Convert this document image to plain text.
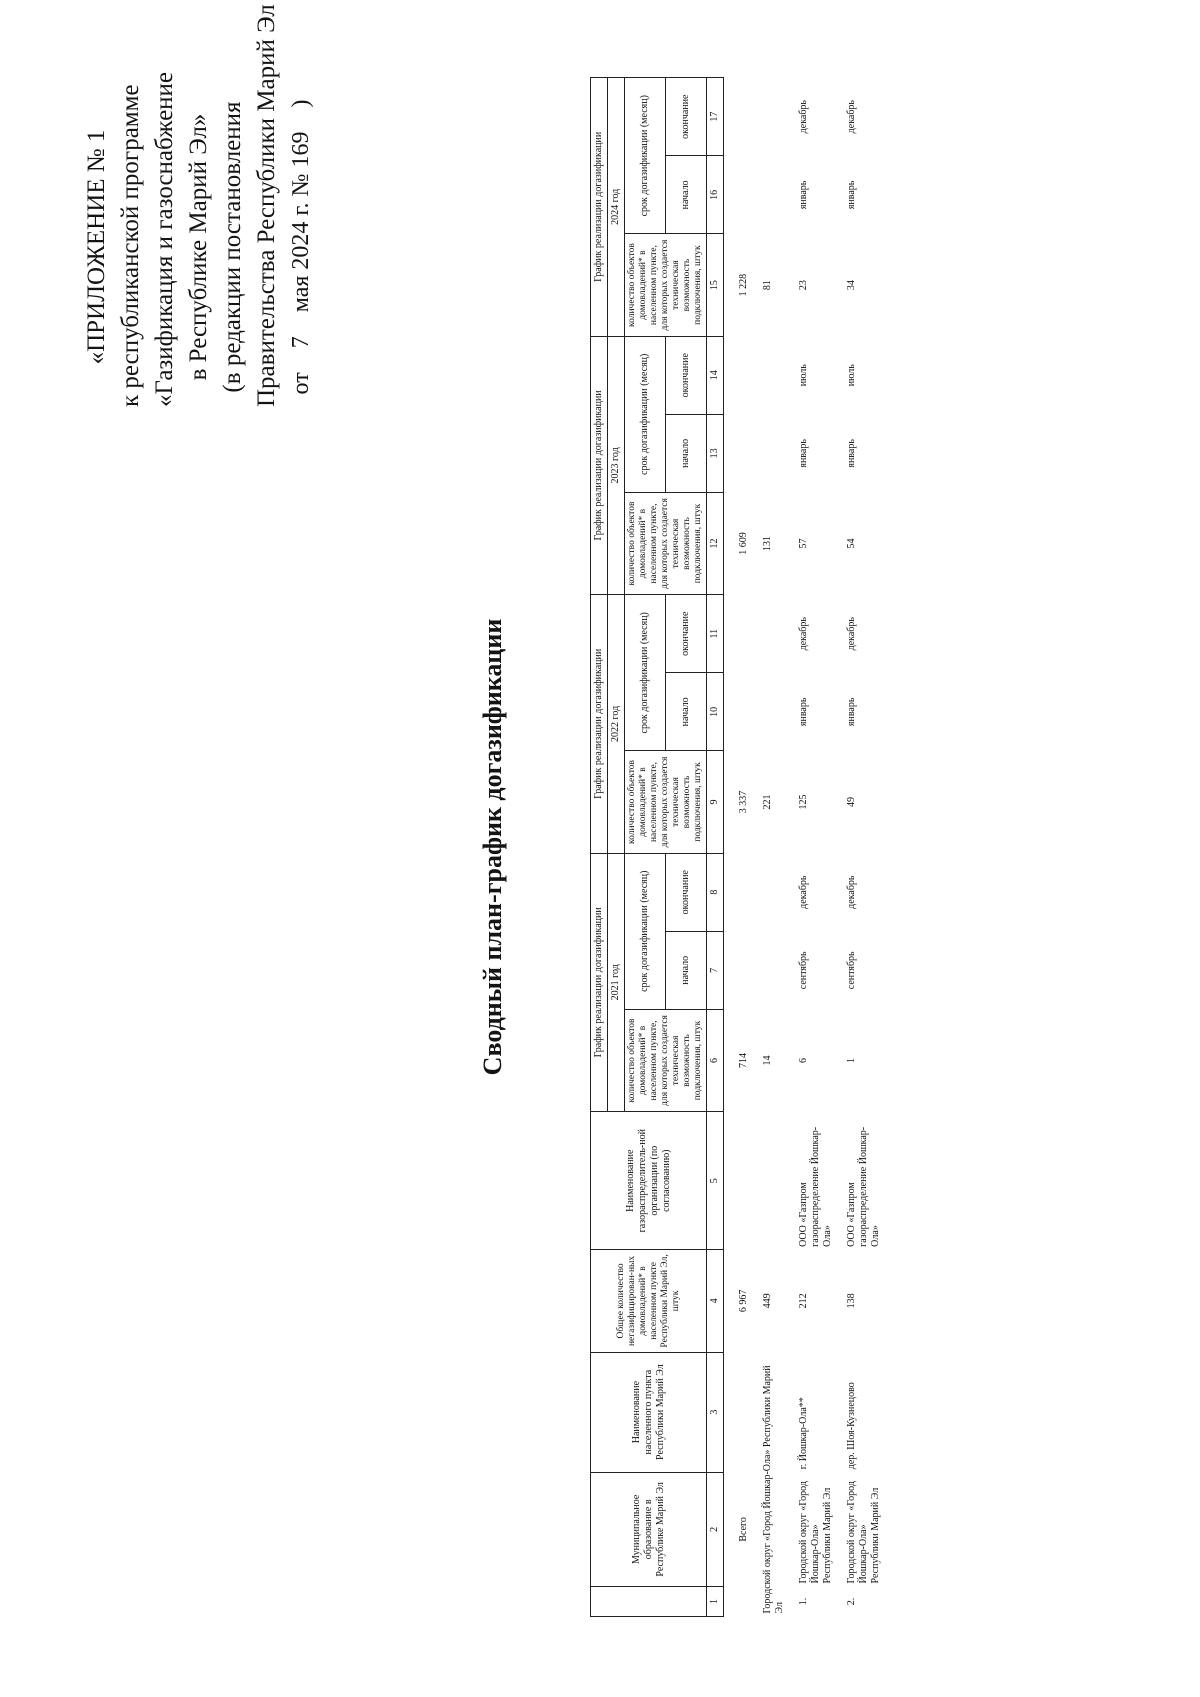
«ПРИЛОЖЕНИЕ № 1 к республиканской программе «Газификация и газоснабжение в Республике Марий Эл» (в редакции постановления Правительства Республики Марий Эл от    7    мая 2024 г. № 169    )
Сводный план-график догазификации
	Муниципальное образование в Республике Марий Эл	Наименование населенного пункта Республики Марий Эл	Общее количество негазифицирован-ных домовладений* в населенном пункте Республики Марий Эл, штук	Наименование газораспределитель-ной организации (по согласованию)	График реализации догазификации			График реализации догазификации			График реализации догазификации			График реализации догазификации		
					2021 год			2022 год			2023 год			2024 год		
					количество объектов домовладений* в населенном пункте, для которых создается техническая возможность подключения, штук	срок догазификации (месяц)		количество объектов домовладений* в населенном пункте, для которых создается техническая возможность подключения, штук	срок догазификации (месяц)		количество объектов домовладений* в населенном пункте, для которых создается техническая возможность подключения, штук	срок догазификации (месяц)		количество объектов домовладений* в населенном пункте, для которых создается техническая возможность подключения, штук	срок догазификации (месяц)	
						начало	окончание		начало	окончание		начало	окончание		начало	окончание
1	2	3	4	5	6	7	8	9	10	11	12	13	14	15	16	17
	Всего		6 967		714			3 337			1 609			1 228		
Городской округ «Город Йошкар-Ола» Республики Марий Эл			449		14			221			131			81		
1.	Городской округ «Город Йошкар-Ола» Республики Марий Эл	г. Йошкар-Ола**	212	ООО «Газпром газораспределение Йошкар-Ола»	6	сентябрь	декабрь	125	январь	декабрь	57	январь	июль	23	январь	декабрь
2.	Городской округ «Город Йошкар-Ола» Республики Марий Эл	дер. Шоя-Кузнецово	138	ООО «Газпром газораспределение Йошкар-Ола»	1	сентябрь	декабрь	49	январь	декабрь	54	январь	июль	34	январь	декабрь
